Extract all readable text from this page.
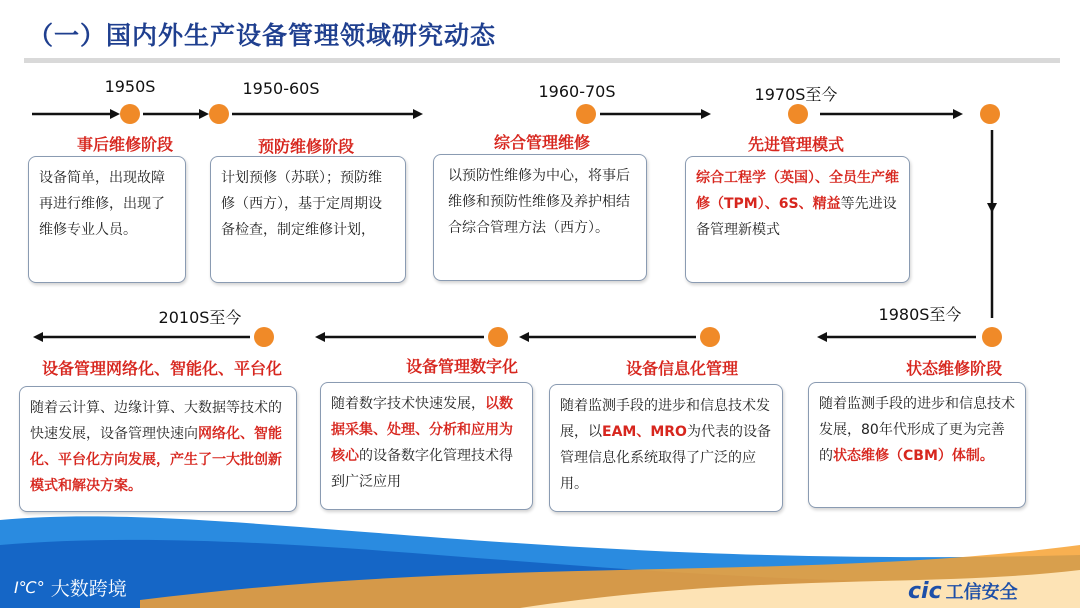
（一）国内外生产设备管理领域研究动态
1950S	1950-60S	1960-70S	1970S至今
事后维修阶段	预防维修阶段	综合管理维修	先进管理模式
设备简单，出现故障再进行维修，出现了维修专业人员。
计划预修（苏联）；预防维修（西方），基于定周期设备检查，制定维修计划，
以预防性维修为中心，将事后维修和预防性维修及养护相结合综合管理方法（西方）。
综合工程学（英国）、全员生产维修（TPM）、6S、精益等先进设备管理新模式
2010S至今	1980S至今
设备管理网络化、智能化、平台化	设备管理数字化	设备信息化管理	状态维修阶段
随着云计算、边缘计算、大数据等技术的快速发展，设备管理快速向网络化、智能化、平台化方向发展，产生了一大批创新模式和解决方案。
随着数字技术快速发展，以数据采集、处理、分析和应用为核心的设备数字化管理技术得到广泛应用
随着监测手段的进步和信息技术发展，以EAM、MRO为代表的设备管理信息化系统取得了广泛的应用。
随着监测手段的进步和信息技术发展，80年代形成了更为完善的状态维修（CBM）体制。
Ⅰ℃° 大数跨境	cic 工信安全
